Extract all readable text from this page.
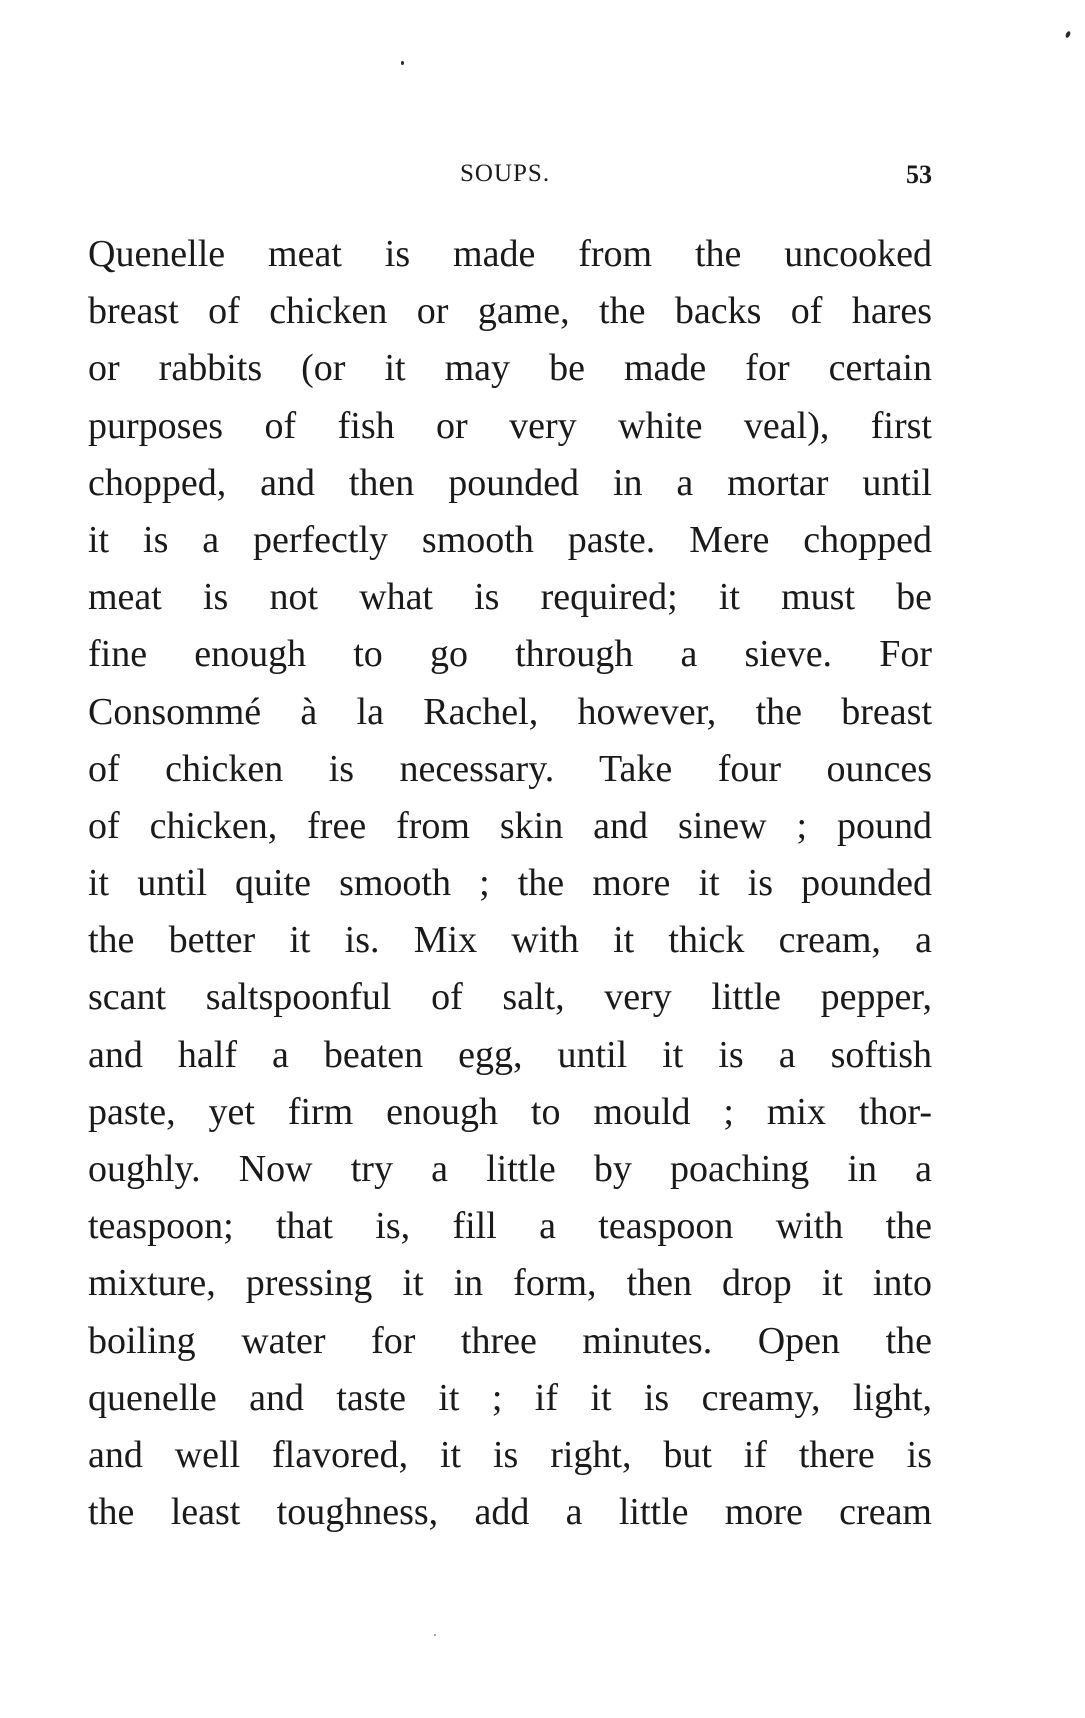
SOUPS.	53
Quenelle meat is made from the uncooked
breast of chicken or game, the backs of hares
or rabbits (or it may be made for certain
purposes of fish or very white veal), first
chopped, and then pounded in a mortar until
it is a perfectly smooth paste. Mere chopped
meat is not what is required; it must be
fine enough to go through a sieve. For
Consommé à la Rachel, however, the breast
of chicken is necessary. Take four ounces
of chicken, free from skin and sinew ; pound
it until quite smooth ; the more it is pounded
the better it is. Mix with it thick cream, a
scant saltspoonful of salt, very little pepper,
and half a beaten egg, until it is a softish
paste, yet firm enough to mould ; mix thor-
oughly. Now try a little by poaching in a
teaspoon; that is, fill a teaspoon with the
mixture, pressing it in form, then drop it into
boiling water for three minutes. Open the
quenelle and taste it ; if it is creamy, light,
and well flavored, it is right, but if there is
the least toughness, add a little more cream
